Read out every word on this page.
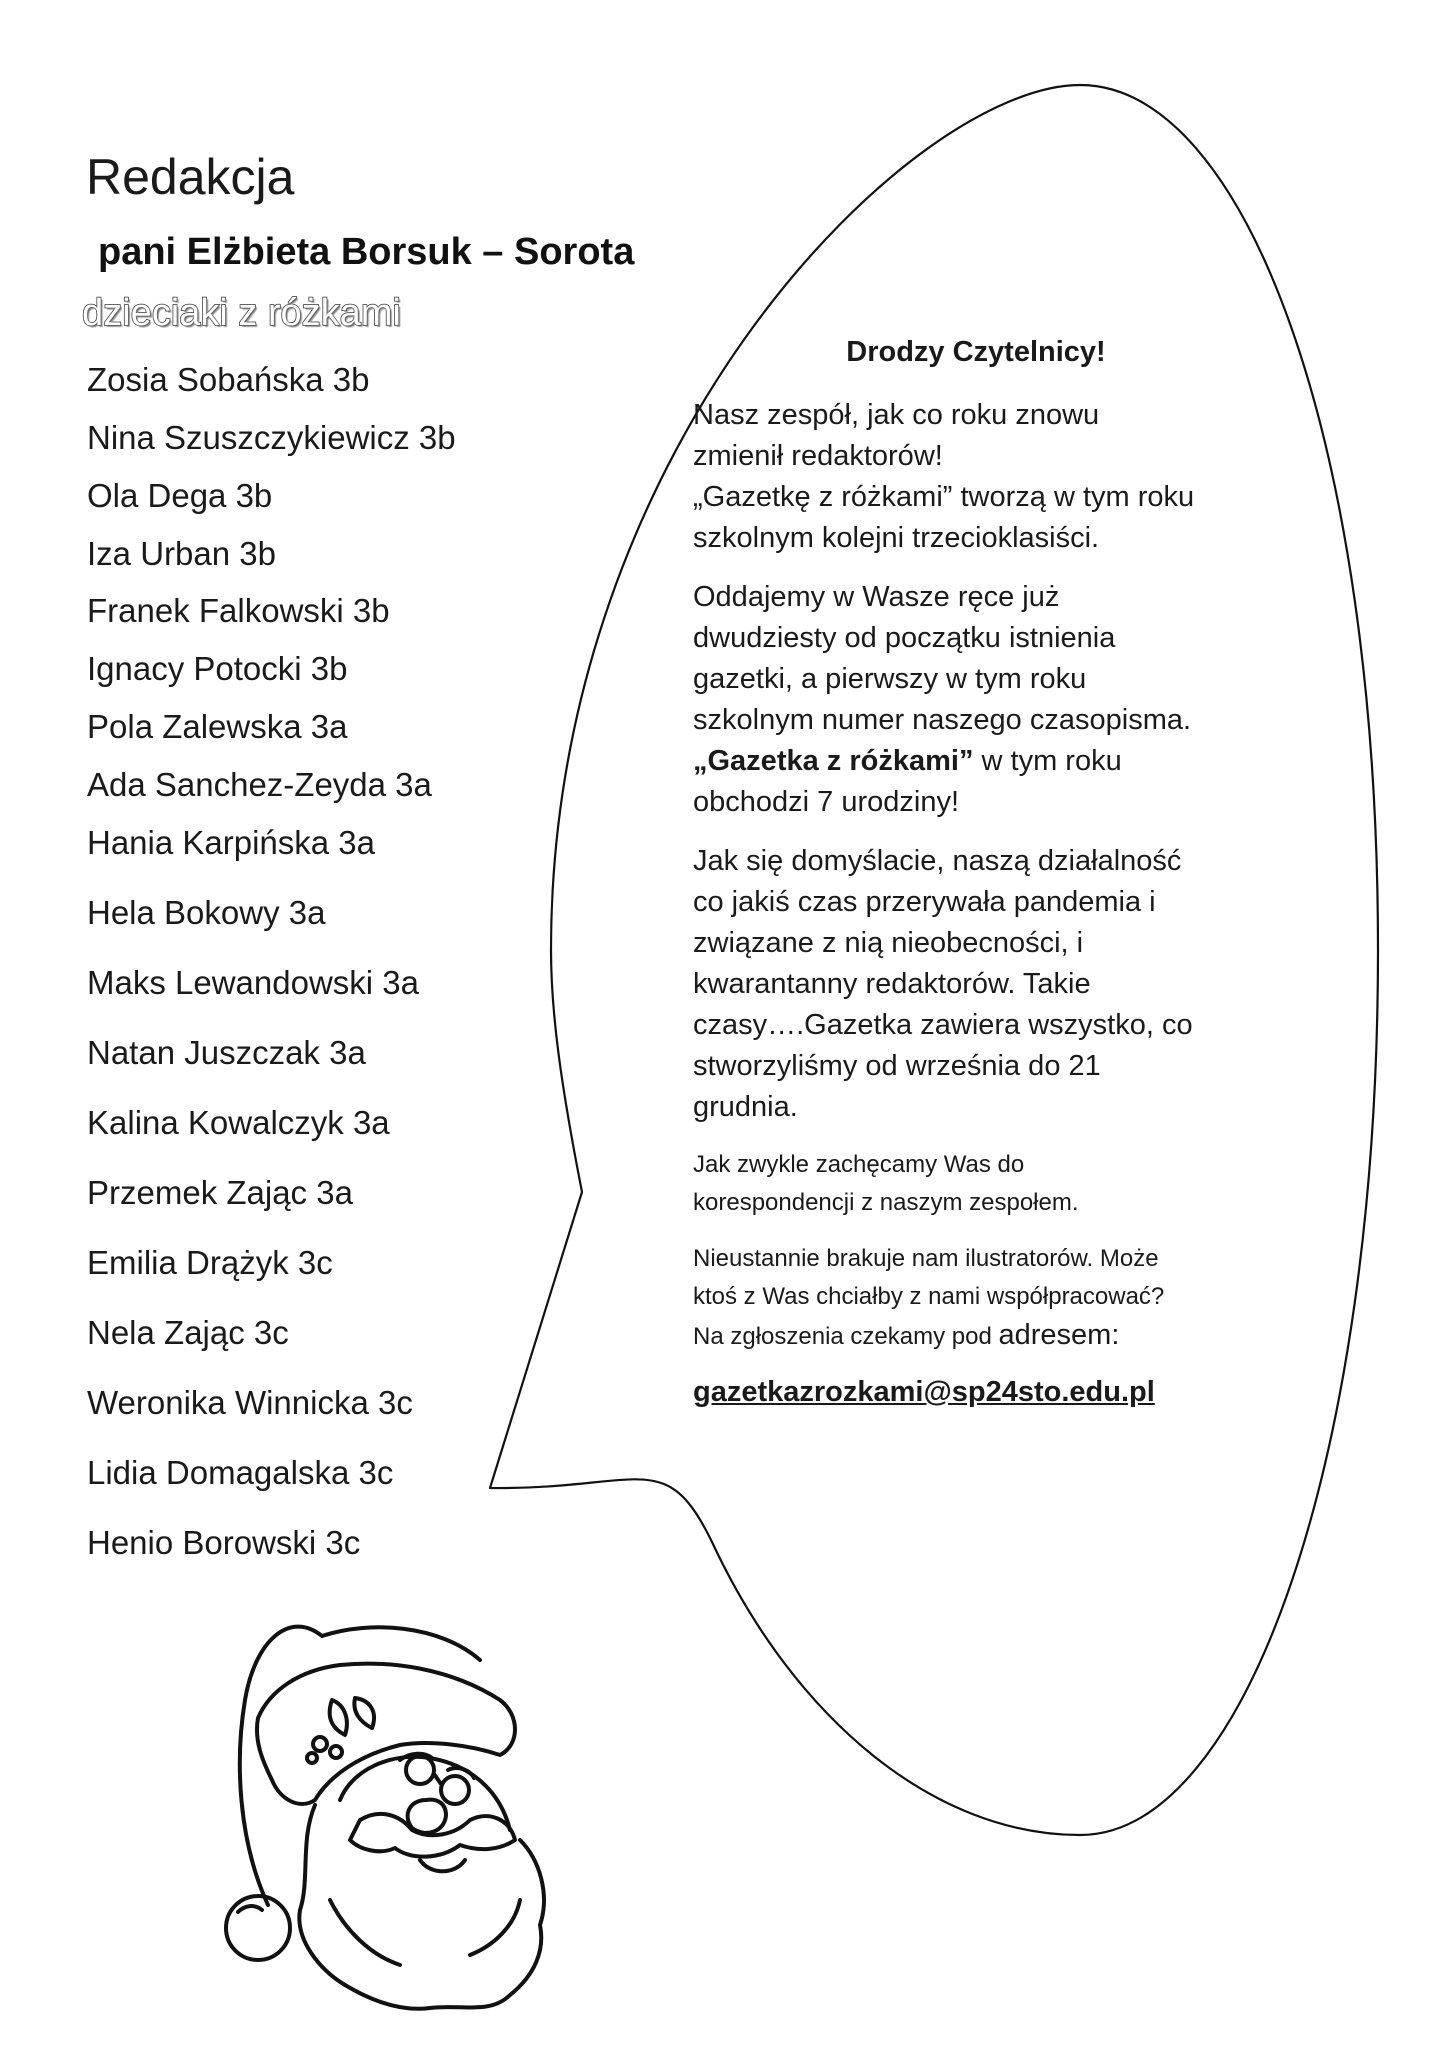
Redakcja
pani Elżbieta Borsuk – Sorota
dzieciaki z różkami
Zosia Sobańska 3b
Nina Szuszczykiewicz 3b
Ola Dega 3b
Iza Urban 3b
Franek Falkowski 3b
Ignacy Potocki 3b
Pola Zalewska 3a
Ada Sanchez-Zeyda 3a
Hania Karpińska 3a
Hela Bokowy 3a
Maks Lewandowski 3a
Natan Juszczak 3a
Kalina Kowalczyk 3a
Przemek Zając 3a
Emilia Drążyk 3c
Nela Zając 3c
Weronika Winnicka 3c
Lidia Domagalska 3c
Henio Borowski 3c

Drodzy Czytelnicy!

Nasz zespół, jak co roku znowu

zmienił redaktorów!

„Gazetkę z różkami” tworzą w tym roku

szkolnym kolejni trzecioklasiści.

Oddajemy w Wasze ręce już

dwudziesty od początku istnienia

gazetki, a pierwszy w tym roku

szkolnym numer naszego czasopisma.

„Gazetka z różkami” w tym roku

obchodzi 7 urodziny!

Jak się domyślacie, naszą działalność

co jakiś czas przerywała pandemia i

związane z nią nieobecności, i

kwarantanny redaktorów. Takie

czasy….Gazetka zawiera wszystko, co

stworzyliśmy od września do 21

grudnia.

Jak zwykle zachęcamy Was do

korespondencji z naszym zespołem.

Nieustannie brakuje nam ilustratorów. Może

ktoś z Was chciałby z nami współpracować?

Na zgłoszenia czekamy pod adresem:

gazetkazrozkami@sp24sto.edu.pl
